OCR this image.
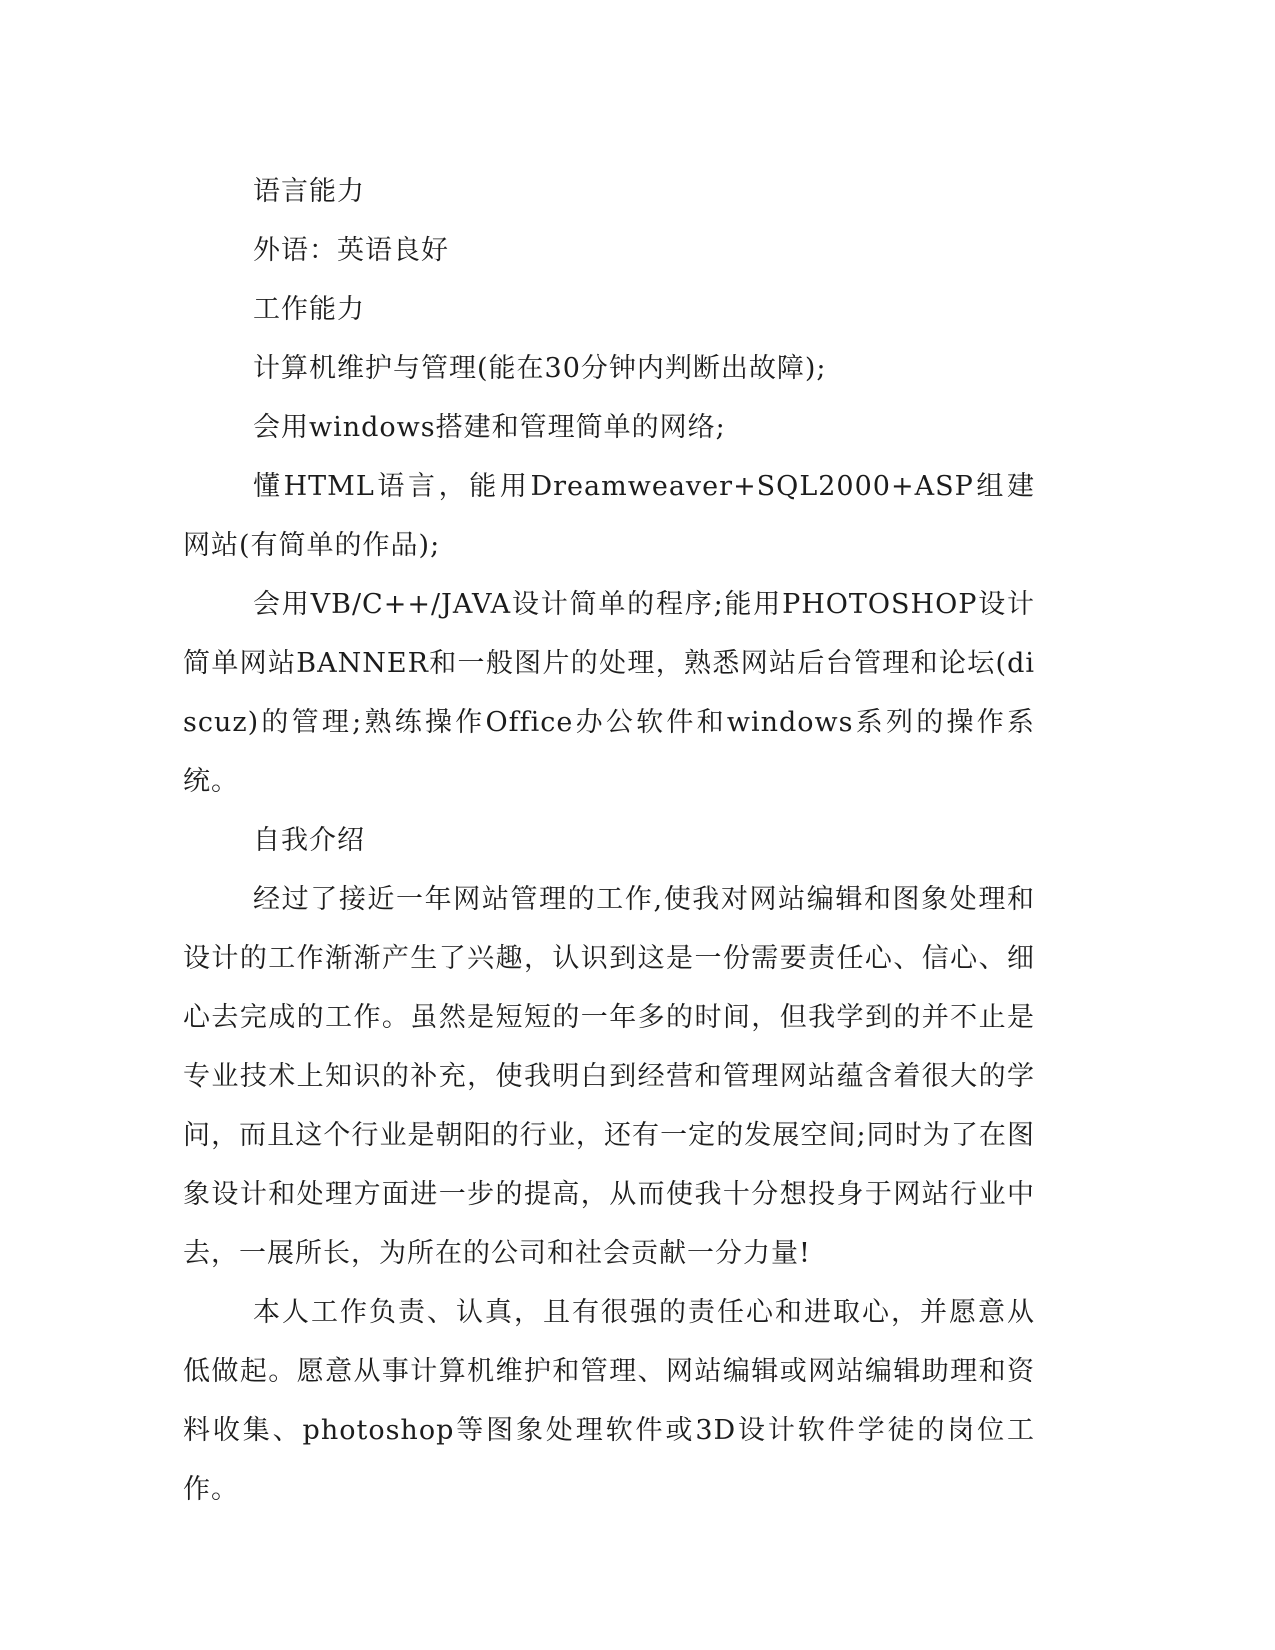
语言能力

外语：英语良好

工作能力

计算机维护与管理(能在30分钟内判断出故障);

会用windows搭建和管理简单的网络;

懂HTML语言，能用Dreamweaver+SQL2000+ASP组建网站(有简单的作品);

会用VB/C++/JAVA设计简单的程序;能用PHOTOSHOP设计简单网站BANNER和一般图片的处理，熟悉网站后台管理和论坛(discuz)的管理;熟练操作Office办公软件和windows系列的操作系统。

自我介绍

经过了接近一年网站管理的工作,使我对网站编辑和图象处理和设计的工作渐渐产生了兴趣，认识到这是一份需要责任心、信心、细心去完成的工作。虽然是短短的一年多的时间，但我学到的并不止是专业技术上知识的补充，使我明白到经营和管理网站蕴含着很大的学问，而且这个行业是朝阳的行业，还有一定的发展空间;同时为了在图象设计和处理方面进一步的提高，从而使我十分想投身于网站行业中去，一展所长，为所在的公司和社会贡献一分力量!

本人工作负责、认真，且有很强的责任心和进取心，并愿意从低做起。愿意从事计算机维护和管理、网站编辑或网站编辑助理和资料收集、photoshop等图象处理软件或3D设计软件学徒的岗位工作。
